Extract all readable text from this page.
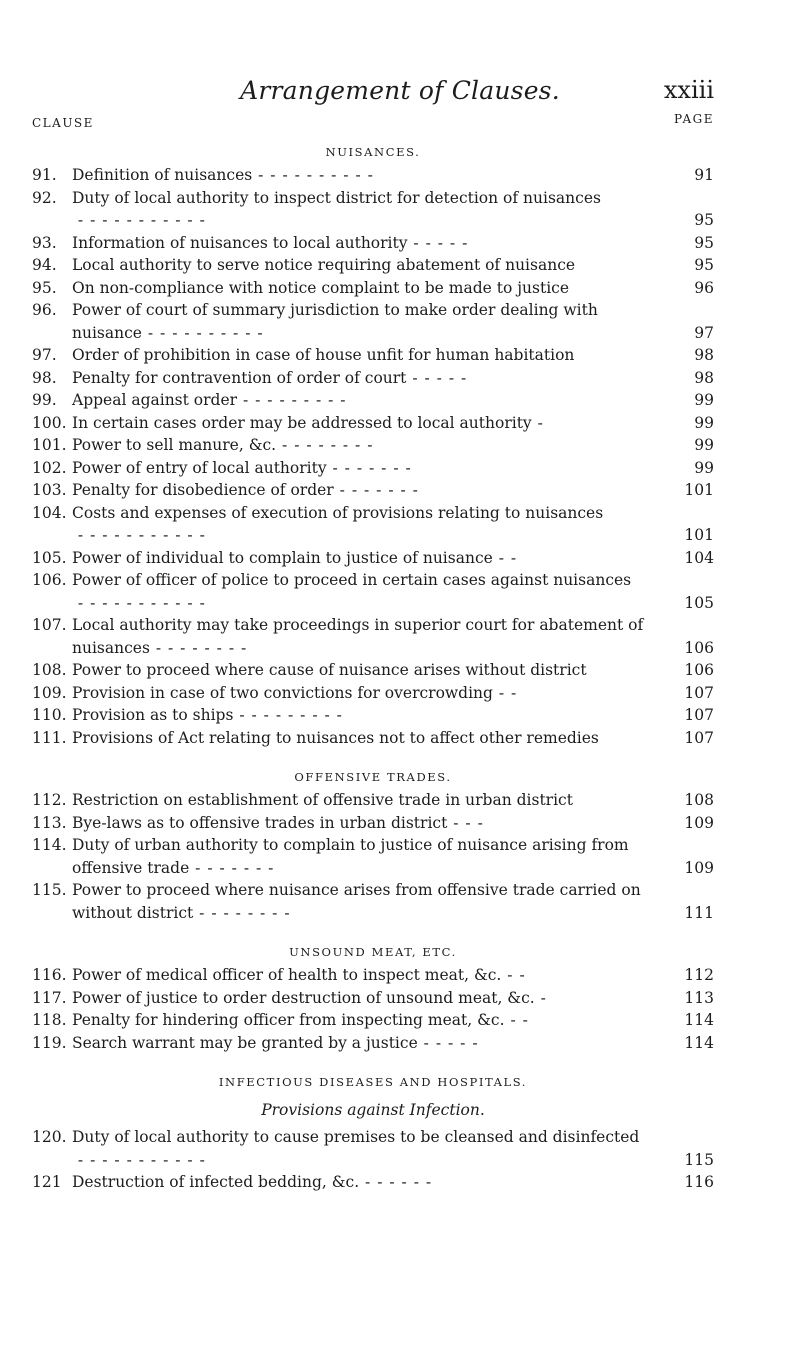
Arrangement of Clauses.	xxiii
CLAUSE	PAGE
NUISANCES.
91. Definition of nuisances - - - - - - - - - -	91
92. Duty of local authority to inspect district for detection of nuisances - - - - - - - - - - -	95
93. Information of nuisances to local authority - - - - -	95
94. Local authority to serve notice requiring abatement of nuisance	95
95. On non-compliance with notice complaint to be made to justice	96
96. Power of court of summary jurisdiction to make order dealing with nuisance - - - - - - - - - -	97
97. Order of prohibition in case of house unfit for human habitation	98
98. Penalty for contravention of order of court - - - - -	98
99. Appeal against order - - - - - - - - -	99
100. In certain cases order may be addressed to local authority -	99
101. Power to sell manure, &c. - - - - - - - -	99
102. Power of entry of local authority - - - - - - -	99
103. Penalty for disobedience of order - - - - - - -	101
104. Costs and expenses of execution of provisions relating to nuisances - - - - - - - - - - -	101
105. Power of individual to complain to justice of nuisance - -	104
106. Power of officer of police to proceed in certain cases against nuisances - - - - - - - - - - -	105
107. Local authority may take proceedings in superior court for abatement of nuisances - - - - - - - -	106
108. Power to proceed where cause of nuisance arises without district	106
109. Provision in case of two convictions for overcrowding - -	107
110. Provision as to ships - - - - - - - - -	107
111. Provisions of Act relating to nuisances not to affect other remedies	107
OFFENSIVE TRADES.
112. Restriction on establishment of offensive trade in urban district	108
113. Bye-laws as to offensive trades in urban district - - -	109
114. Duty of urban authority to complain to justice of nuisance arising from offensive trade - - - - - - -	109
115. Power to proceed where nuisance arises from offensive trade carried on without district - - - - - - - -	111
UNSOUND MEAT, ETC.
116. Power of medical officer of health to inspect meat, &c. - -	112
117. Power of justice to order destruction of unsound meat, &c. -	113
118. Penalty for hindering officer from inspecting meat, &c. - -	114
119. Search warrant may be granted by a justice - - - - -	114
INFECTIOUS DISEASES AND HOSPITALS.
Provisions against Infection.
120. Duty of local authority to cause premises to be cleansed and disinfected - - - - - - - - - - -	115
121 Destruction of infected bedding, &c. - - - - - -	116
